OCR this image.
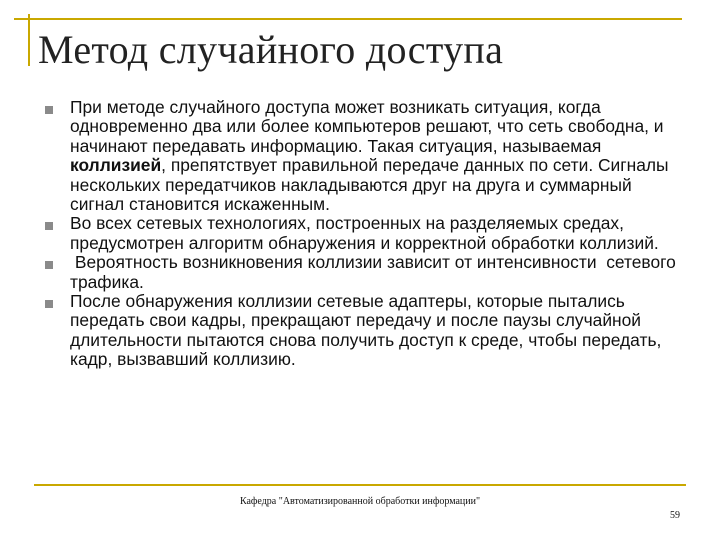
Метод случайного доступа
При методе случайного доступа может возникать ситуация, когда одновременно два или более компьютеров решают, что сеть свободна, и начинают передавать информацию. Такая ситуация, называемая коллизией, препятствует правильной передаче данных по сети. Сигналы нескольких передатчиков накладываются друг на друга и суммарный сигнал становится искаженным.
Во всех сетевых технологиях, построенных на разделяемых средах, предусмотрен алгоритм обнаружения и корректной обработки коллизий.
Вероятность возникновения коллизии зависит от интенсивности  сетевого трафика.
После обнаружения коллизии сетевые адаптеры, которые пытались передать свои кадры, прекращают передачу и после паузы случайной длительности пытаются снова получить доступ к среде, чтобы передать, кадр, вызвавший коллизию.
Кафедра "Автоматизированной обработки информации"
59
